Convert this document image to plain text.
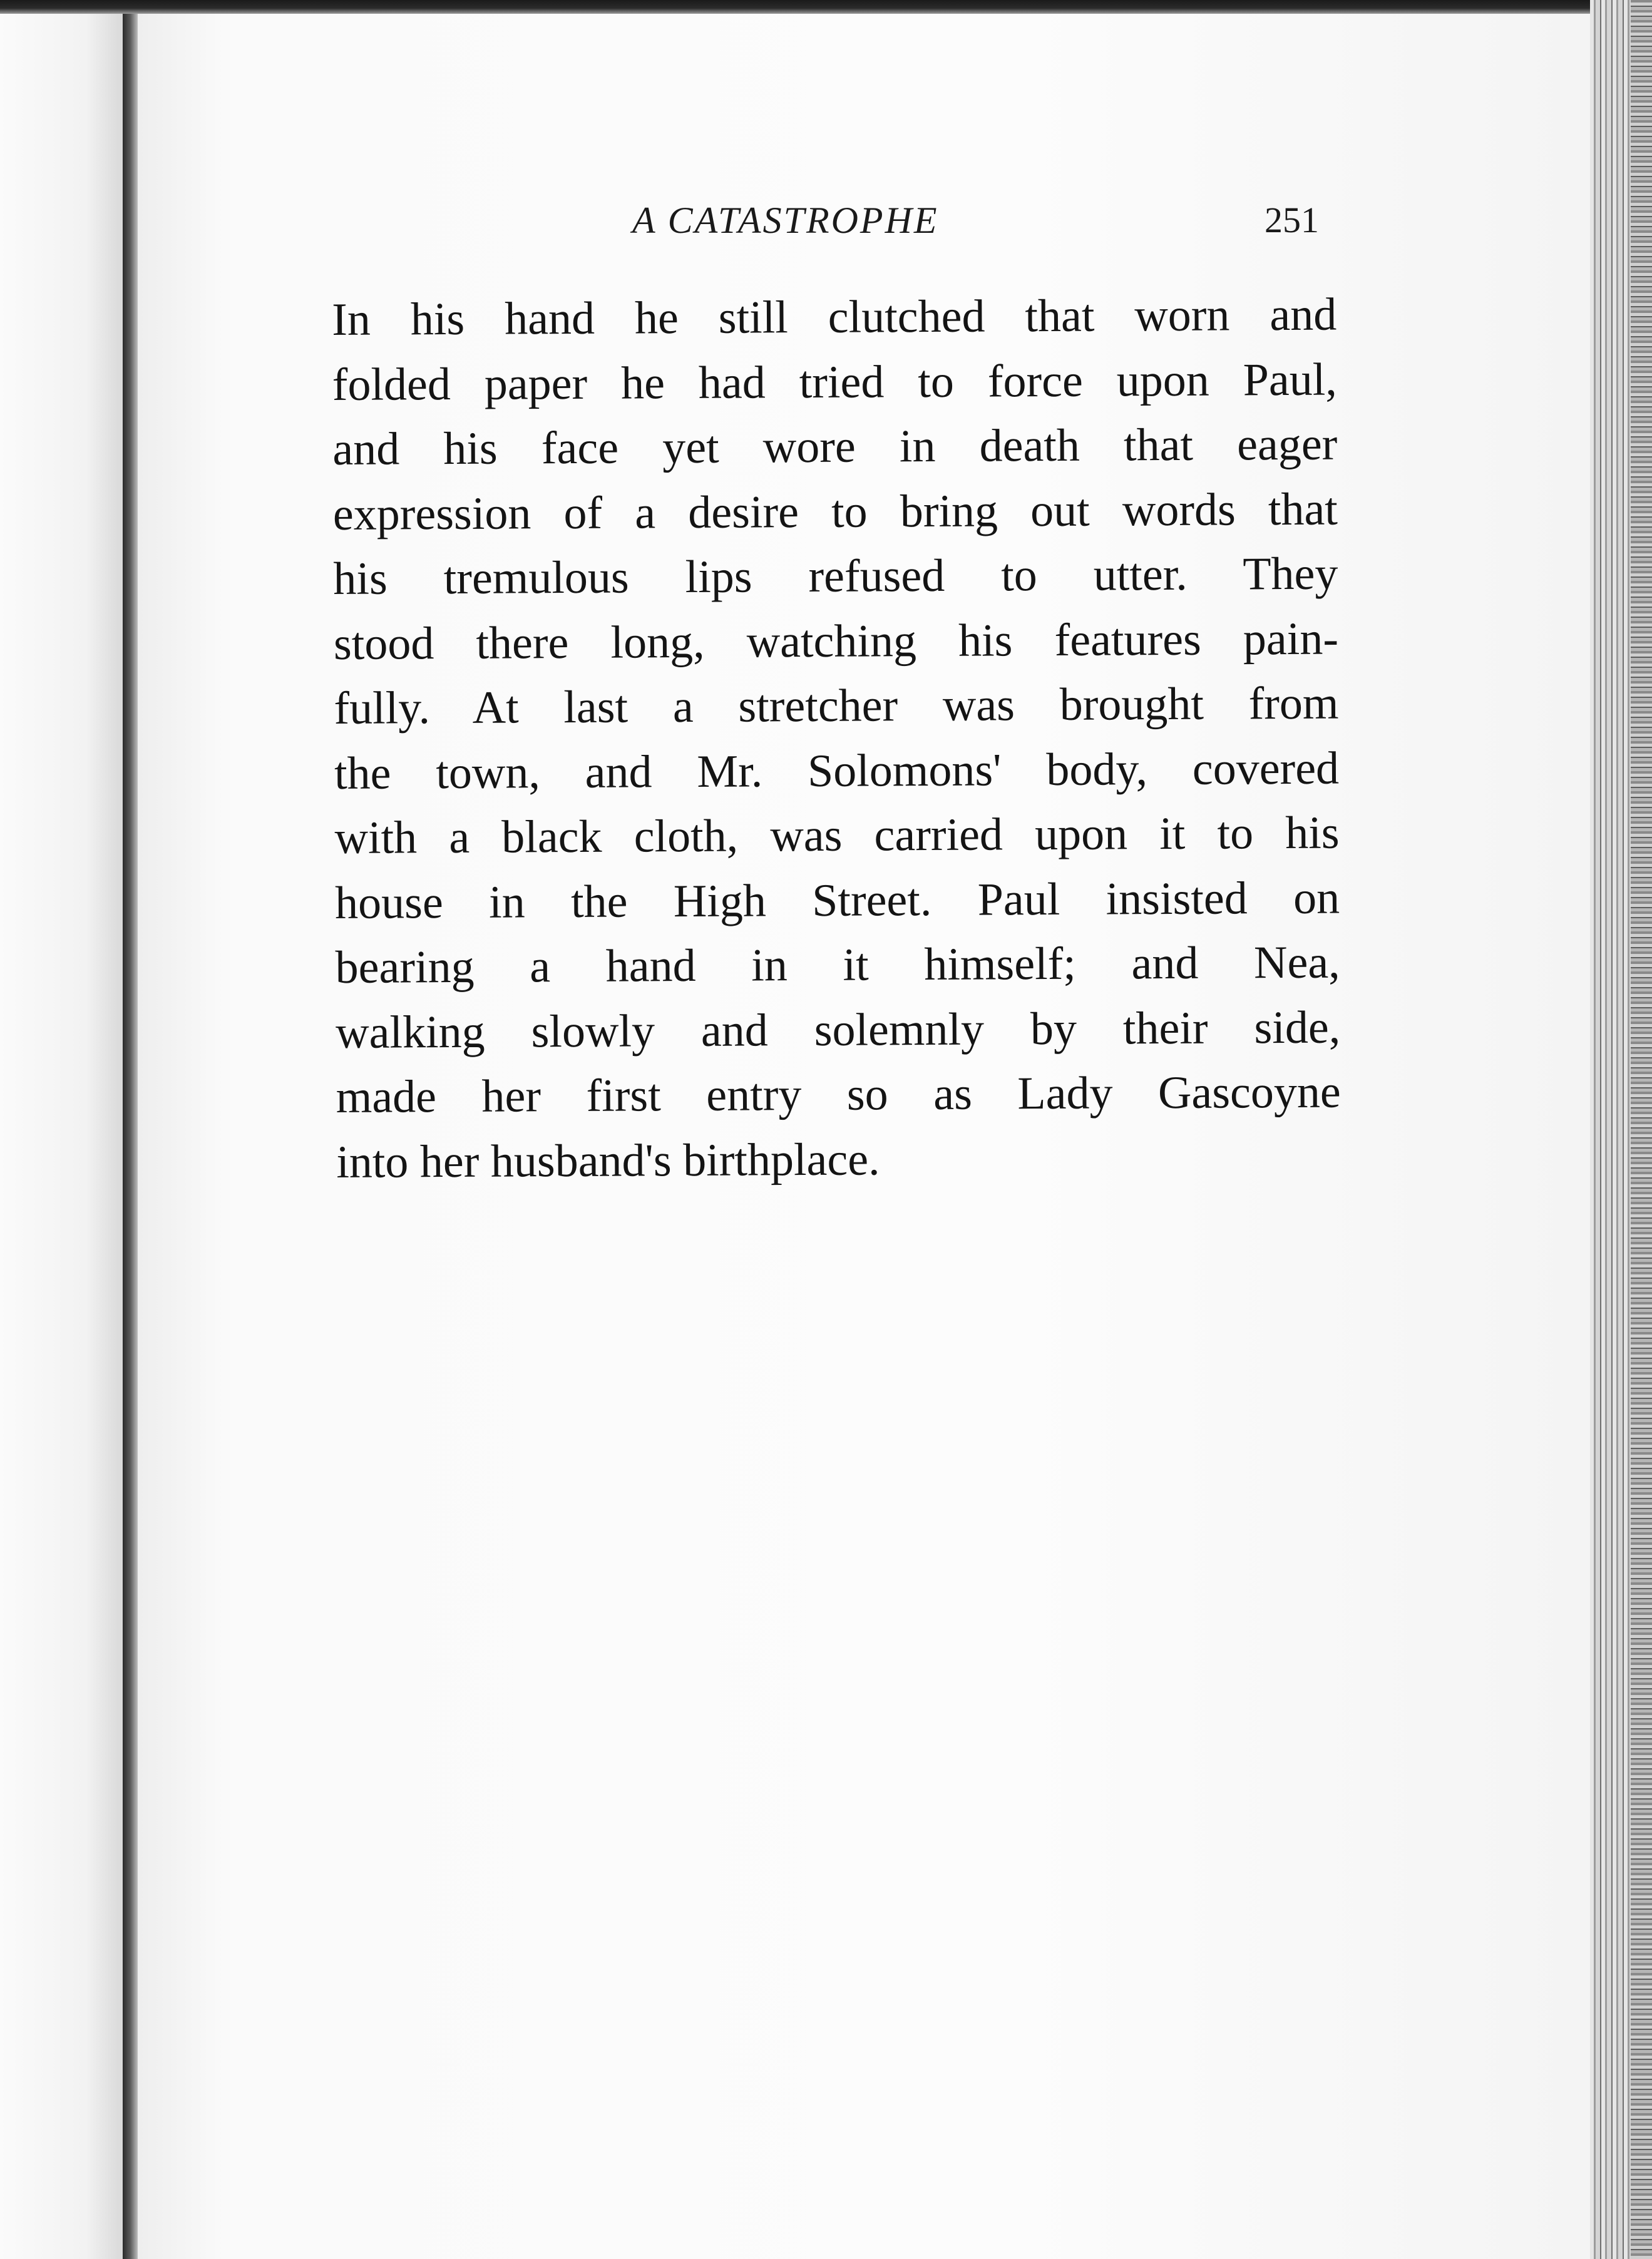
A CATASTROPHE	251
In his hand he still clutched that worn and
folded paper he had tried to force upon Paul,
and his face yet wore in death that eager
expression of a desire to bring out words that
his tremulous lips refused to utter. They
stood there long, watching his features pain-
fully. At last a stretcher was brought from
the town, and Mr. Solomons' body, covered
with a black cloth, was carried upon it to his
house in the High Street. Paul insisted on
bearing a hand in it himself; and Nea,
walking slowly and solemnly by their side,
made her first entry so as Lady Gascoyne
into her husband's birthplace.
